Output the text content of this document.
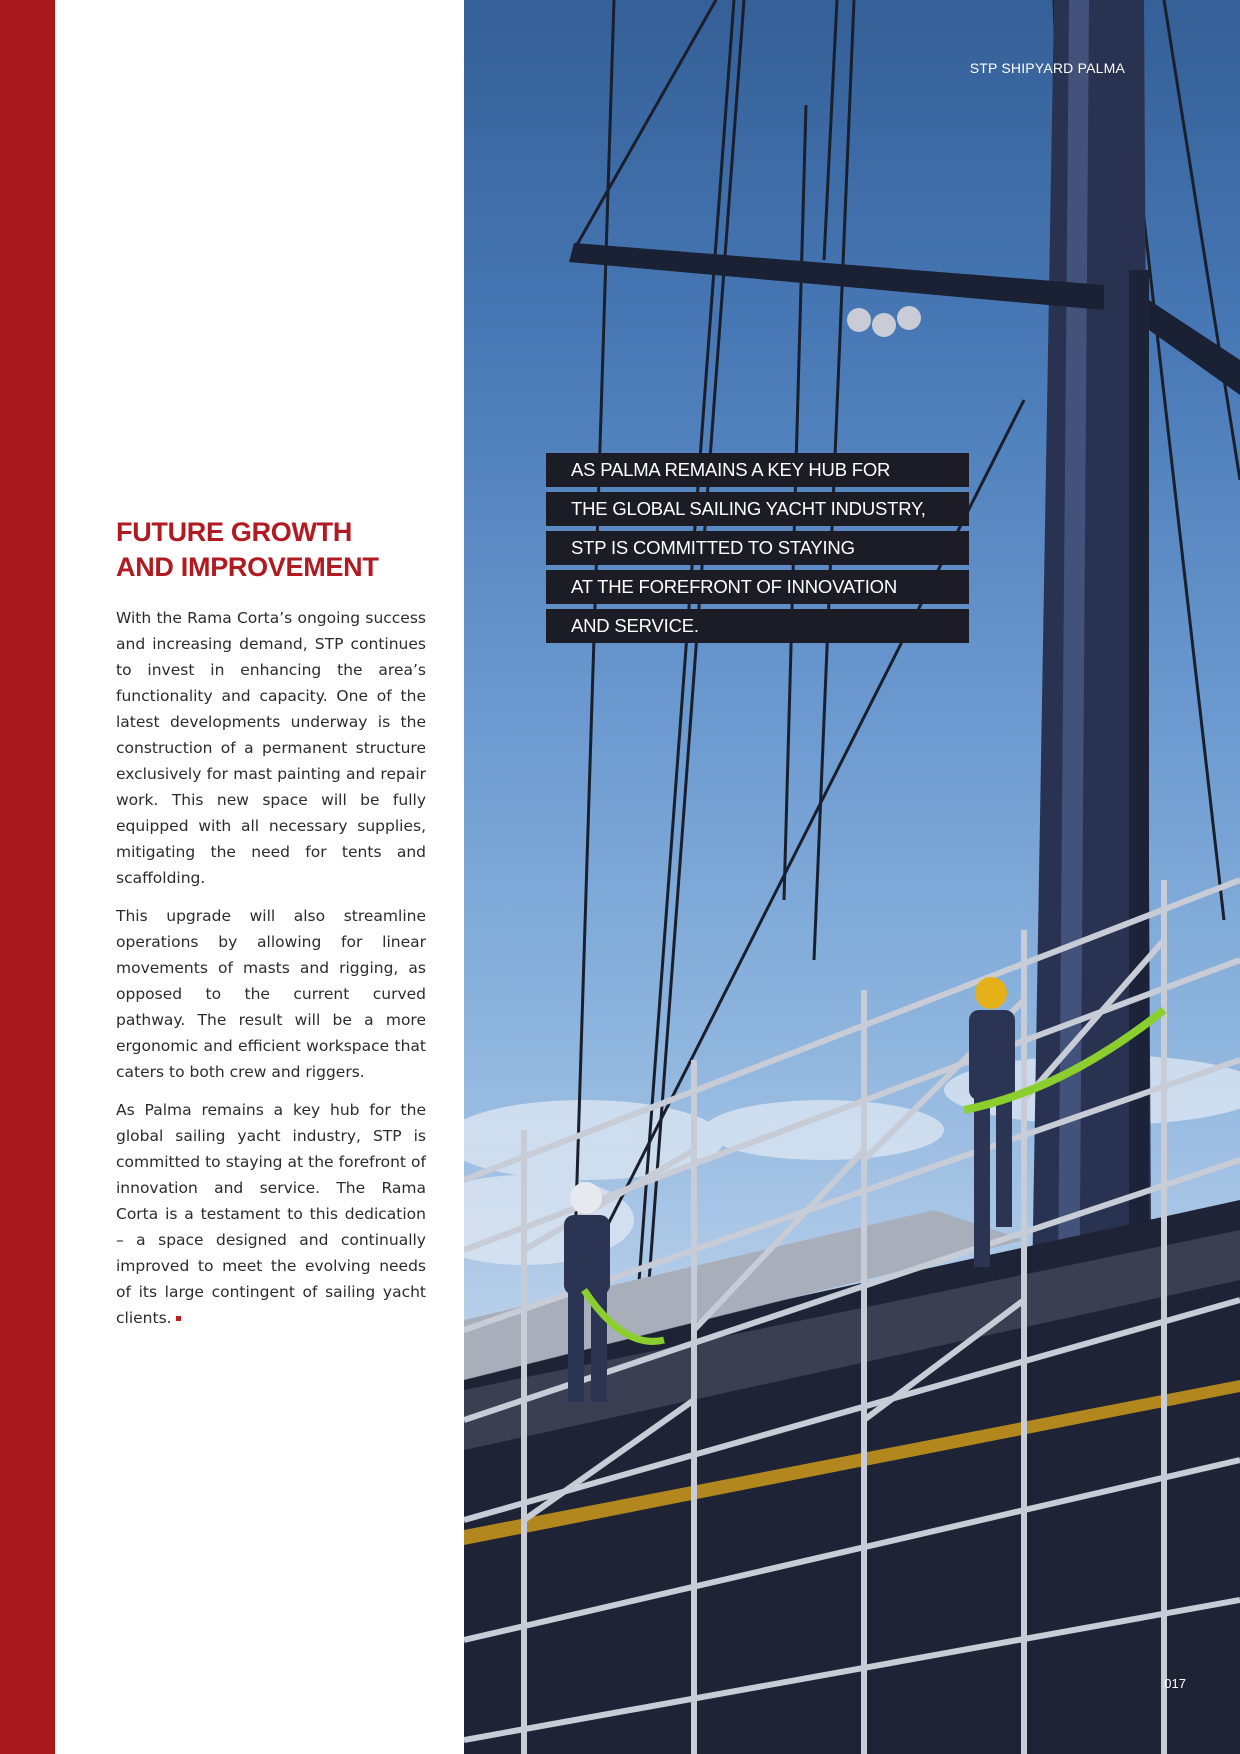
FUTURE GROWTH
AND IMPROVEMENT

With the Rama Corta’s ongoing success and increasing demand, STP continues to invest in enhancing the area’s functionality and capacity. One of the latest developments underway is the construction of a permanent structure exclusively for mast painting and repair work. This new space will be fully equipped with all necessary supplies, mitigating the need for tents and scaffolding.

This upgrade will also streamline operations by allowing for linear movements of masts and rigging, as opposed to the current curved pathway. The result will be a more ergonomic and efficient workspace that caters to both crew and riggers.

As Palma remains a key hub for the global sailing yacht industry, STP is committed to staying at the forefront of innovation and service. The Rama Corta is a testament to this dedication – a space designed and continually improved to meet the evolving needs of its large contingent of sailing yacht clients.

STP SHIPYARD PALMA
017
AS PALMA REMAINS A KEY HUB FOR
THE GLOBAL SAILING YACHT INDUSTRY,
STP IS COMMITTED TO STAYING
AT THE FOREFRONT OF INNOVATION
AND SERVICE.
